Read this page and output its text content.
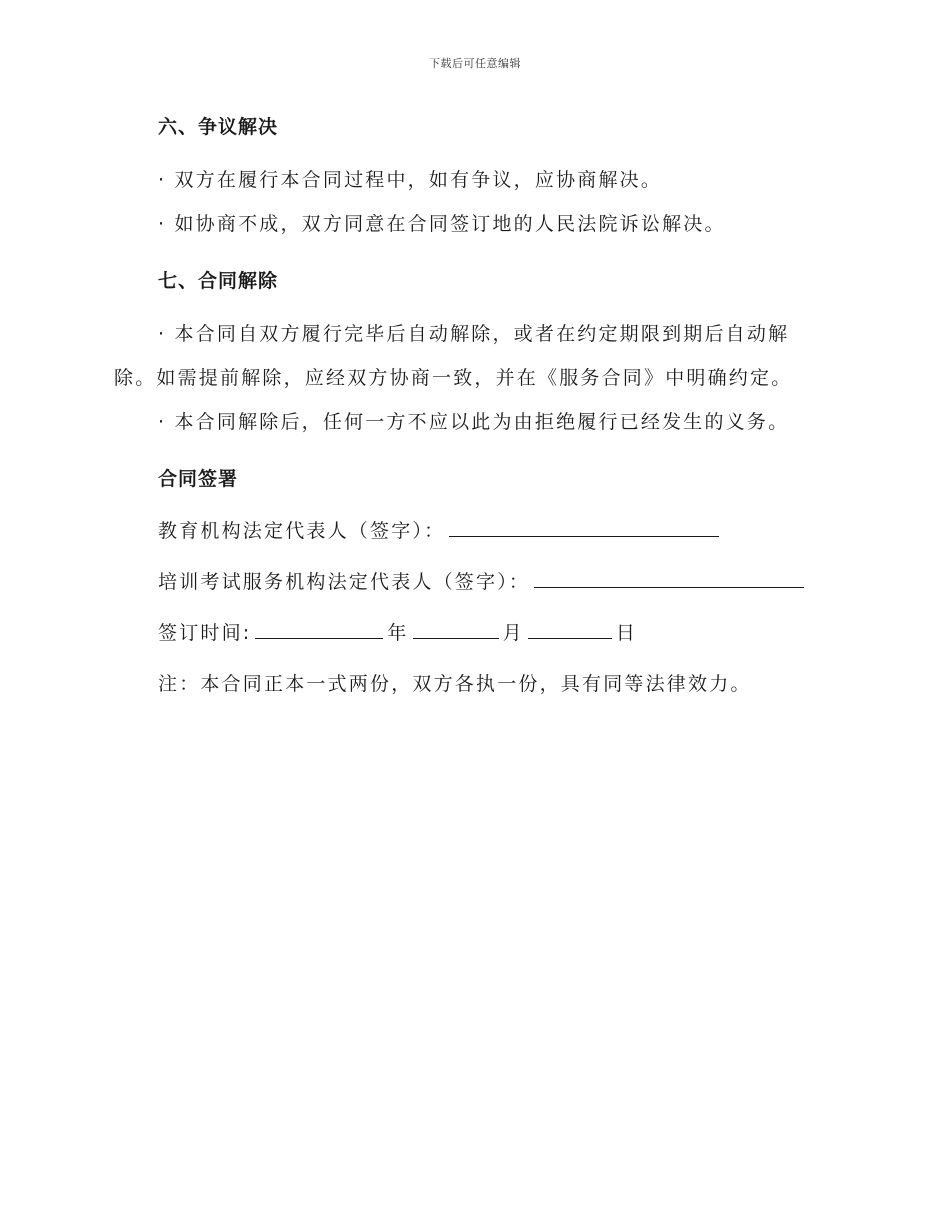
下载后可任意编辑

六、争议解决

· 双方在履行本合同过程中，如有争议，应协商解决。

· 如协商不成，双方同意在合同签订地的人民法院诉讼解决。

七、合同解除

· 本合同自双方履行完毕后自动解除，或者在约定期限到期后自动解除。如需提前解除，应经双方协商一致，并在《服务合同》中明确约定。

· 本合同解除后，任何一方不应以此为由拒绝履行已经发生的义务。

合同签署

教育机构法定代表人（签字）：

培训考试服务机构法定代表人（签字）：

签订时间:	年	月	日

注：本合同正本一式两份，双方各执一份，具有同等法律效力。
